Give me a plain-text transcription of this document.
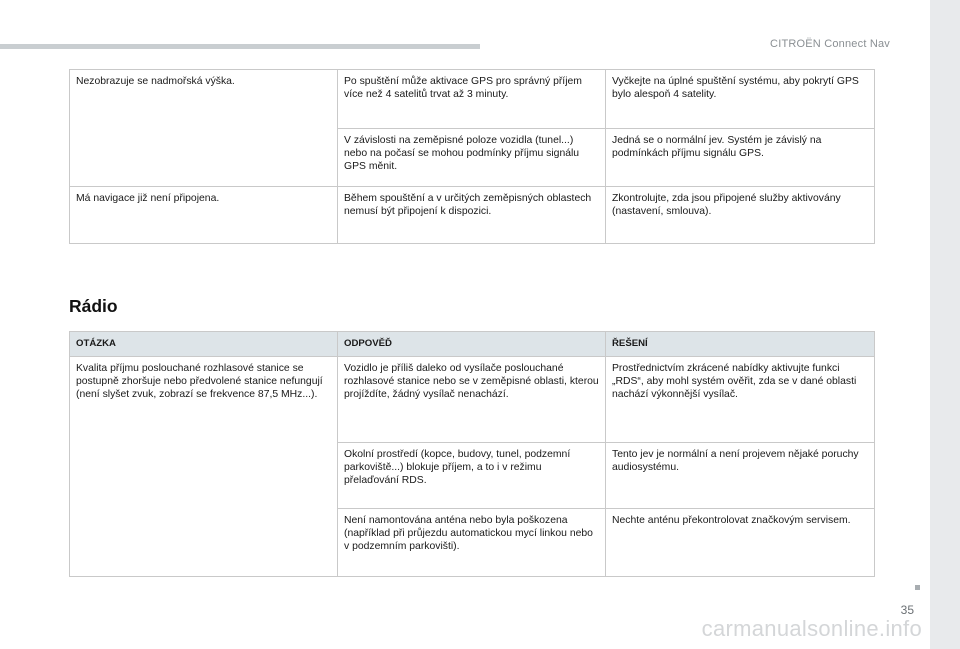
CITROËN Connect Nav
Nezobrazuje se nadmořská výška.	Po spuštění může aktivace GPS pro správný příjem více než 4 satelitů trvat až 3 minuty.	Vyčkejte na úplné spuštění systému, aby pokrytí GPS bylo alespoň 4 satelity.
	V závislosti na zeměpisné poloze vozidla (tunel...) nebo na počasí se mohou podmínky příjmu signálu GPS měnit.	Jedná se o normální jev. Systém je závislý na podmínkách příjmu signálu GPS.
Má navigace již není připojena.	Během spouštění a v určitých zeměpisných oblastech nemusí být připojení k dispozici.	Zkontrolujte, zda jsou připojené služby aktivovány (nastavení, smlouva).
Rádio
OTÁZKA	ODPOVĚĎ	ŘEŠENÍ
Kvalita příjmu poslouchané rozhlasové stanice se postupně zhoršuje nebo předvolené stanice nefungují (není slyšet zvuk, zobrazí se frekvence 87,5 MHz...).	Vozidlo je příliš daleko od vysílače poslouchané rozhlasové stanice nebo se v zeměpisné oblasti, kterou projíždíte, žádný vysílač nenachází.	Prostřednictvím zkrácené nabídky aktivujte funkci „RDS“, aby mohl systém ověřit, zda se v dané oblasti nachází výkonnější vysílač.
	Okolní prostředí (kopce, budovy, tunel, podzemní parkoviště...) blokuje příjem, a to i v režimu přelaďování RDS.	Tento jev je normální a není projevem nějaké poruchy audiosystému.
	Není namontována anténa nebo byla poškozena (například při průjezdu automatickou mycí linkou nebo v podzemním parkovišti).	Nechte anténu překontrolovat značkovým servisem.
35
carmanualsonline.info
